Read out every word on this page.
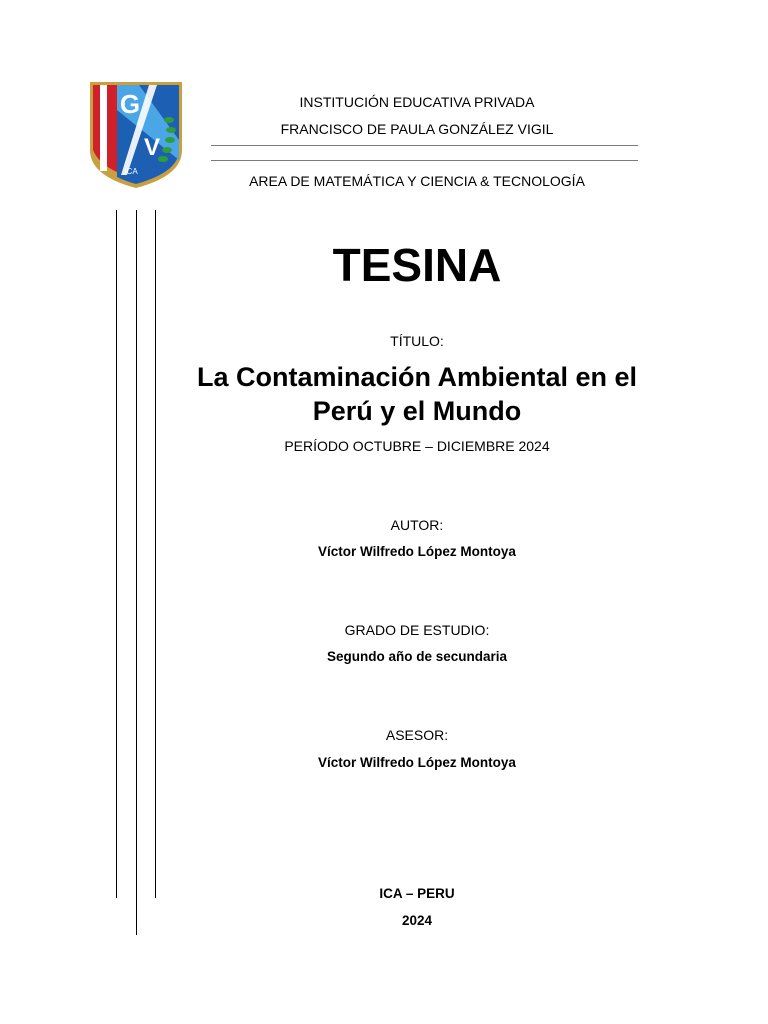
G
V
ICA
INSTITUCIÓN EDUCATIVA PRIVADA
FRANCISCO DE PAULA GONZÁLEZ VIGIL
AREA DE MATEMÁTICA Y CIENCIA & TECNOLOGÍA
TESINA
TÍTULO:
La Contaminación Ambiental en el Perú y el Mundo
PERÍODO OCTUBRE – DICIEMBRE 2024
AUTOR:
Víctor Wilfredo López Montoya
GRADO DE ESTUDIO:
Segundo año de secundaria
ASESOR:
Víctor Wilfredo López Montoya
ICA – PERU
2024
